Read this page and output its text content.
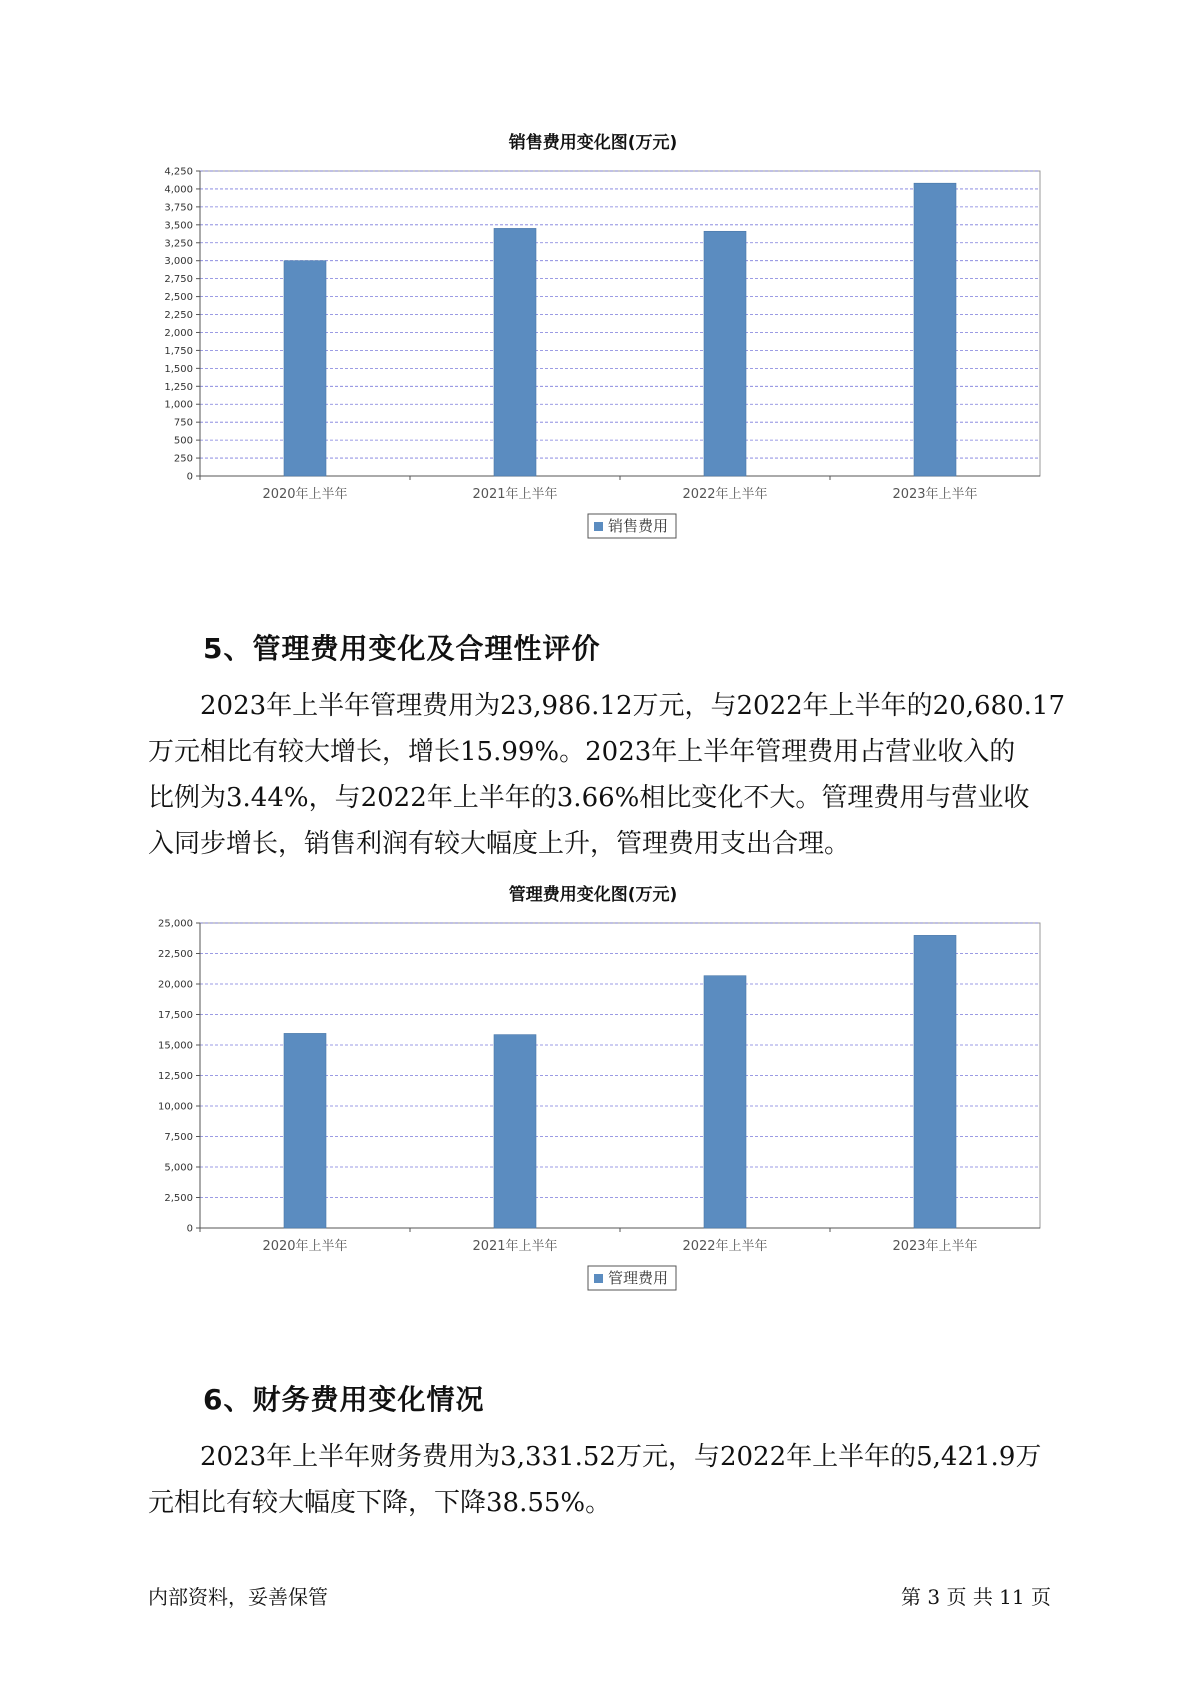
销售费用变化图(万元)
0
250
500
750
1,000
1,250
1,500
1,750
2,000
2,250
2,500
2,750
3,000
3,250
3,500
3,750
4,000
4,250
2020年上半年	2021年上半年	2022年上半年	2023年上半年
销售费用
5、管理费用变化及合理性评价
2023年上半年管理费用为23,986.12万元，与2022年上半年的20,680.17
万元相比有较大增长，增长15.99%。2023年上半年管理费用占营业收入的
比例为3.44%，与2022年上半年的3.66%相比变化不大。管理费用与营业收
入同步增长，销售利润有较大幅度上升，管理费用支出合理。
管理费用变化图(万元)
0
2,500
5,000
7,500
10,000
12,500
15,000
17,500
20,000
22,500
25,000
2020年上半年	2021年上半年	2022年上半年	2023年上半年
管理费用
6、财务费用变化情况
2023年上半年财务费用为3,331.52万元，与2022年上半年的5,421.9万
元相比有较大幅度下降，下降38.55%。
内部资料，妥善保管	第 3 页 共 11 页
